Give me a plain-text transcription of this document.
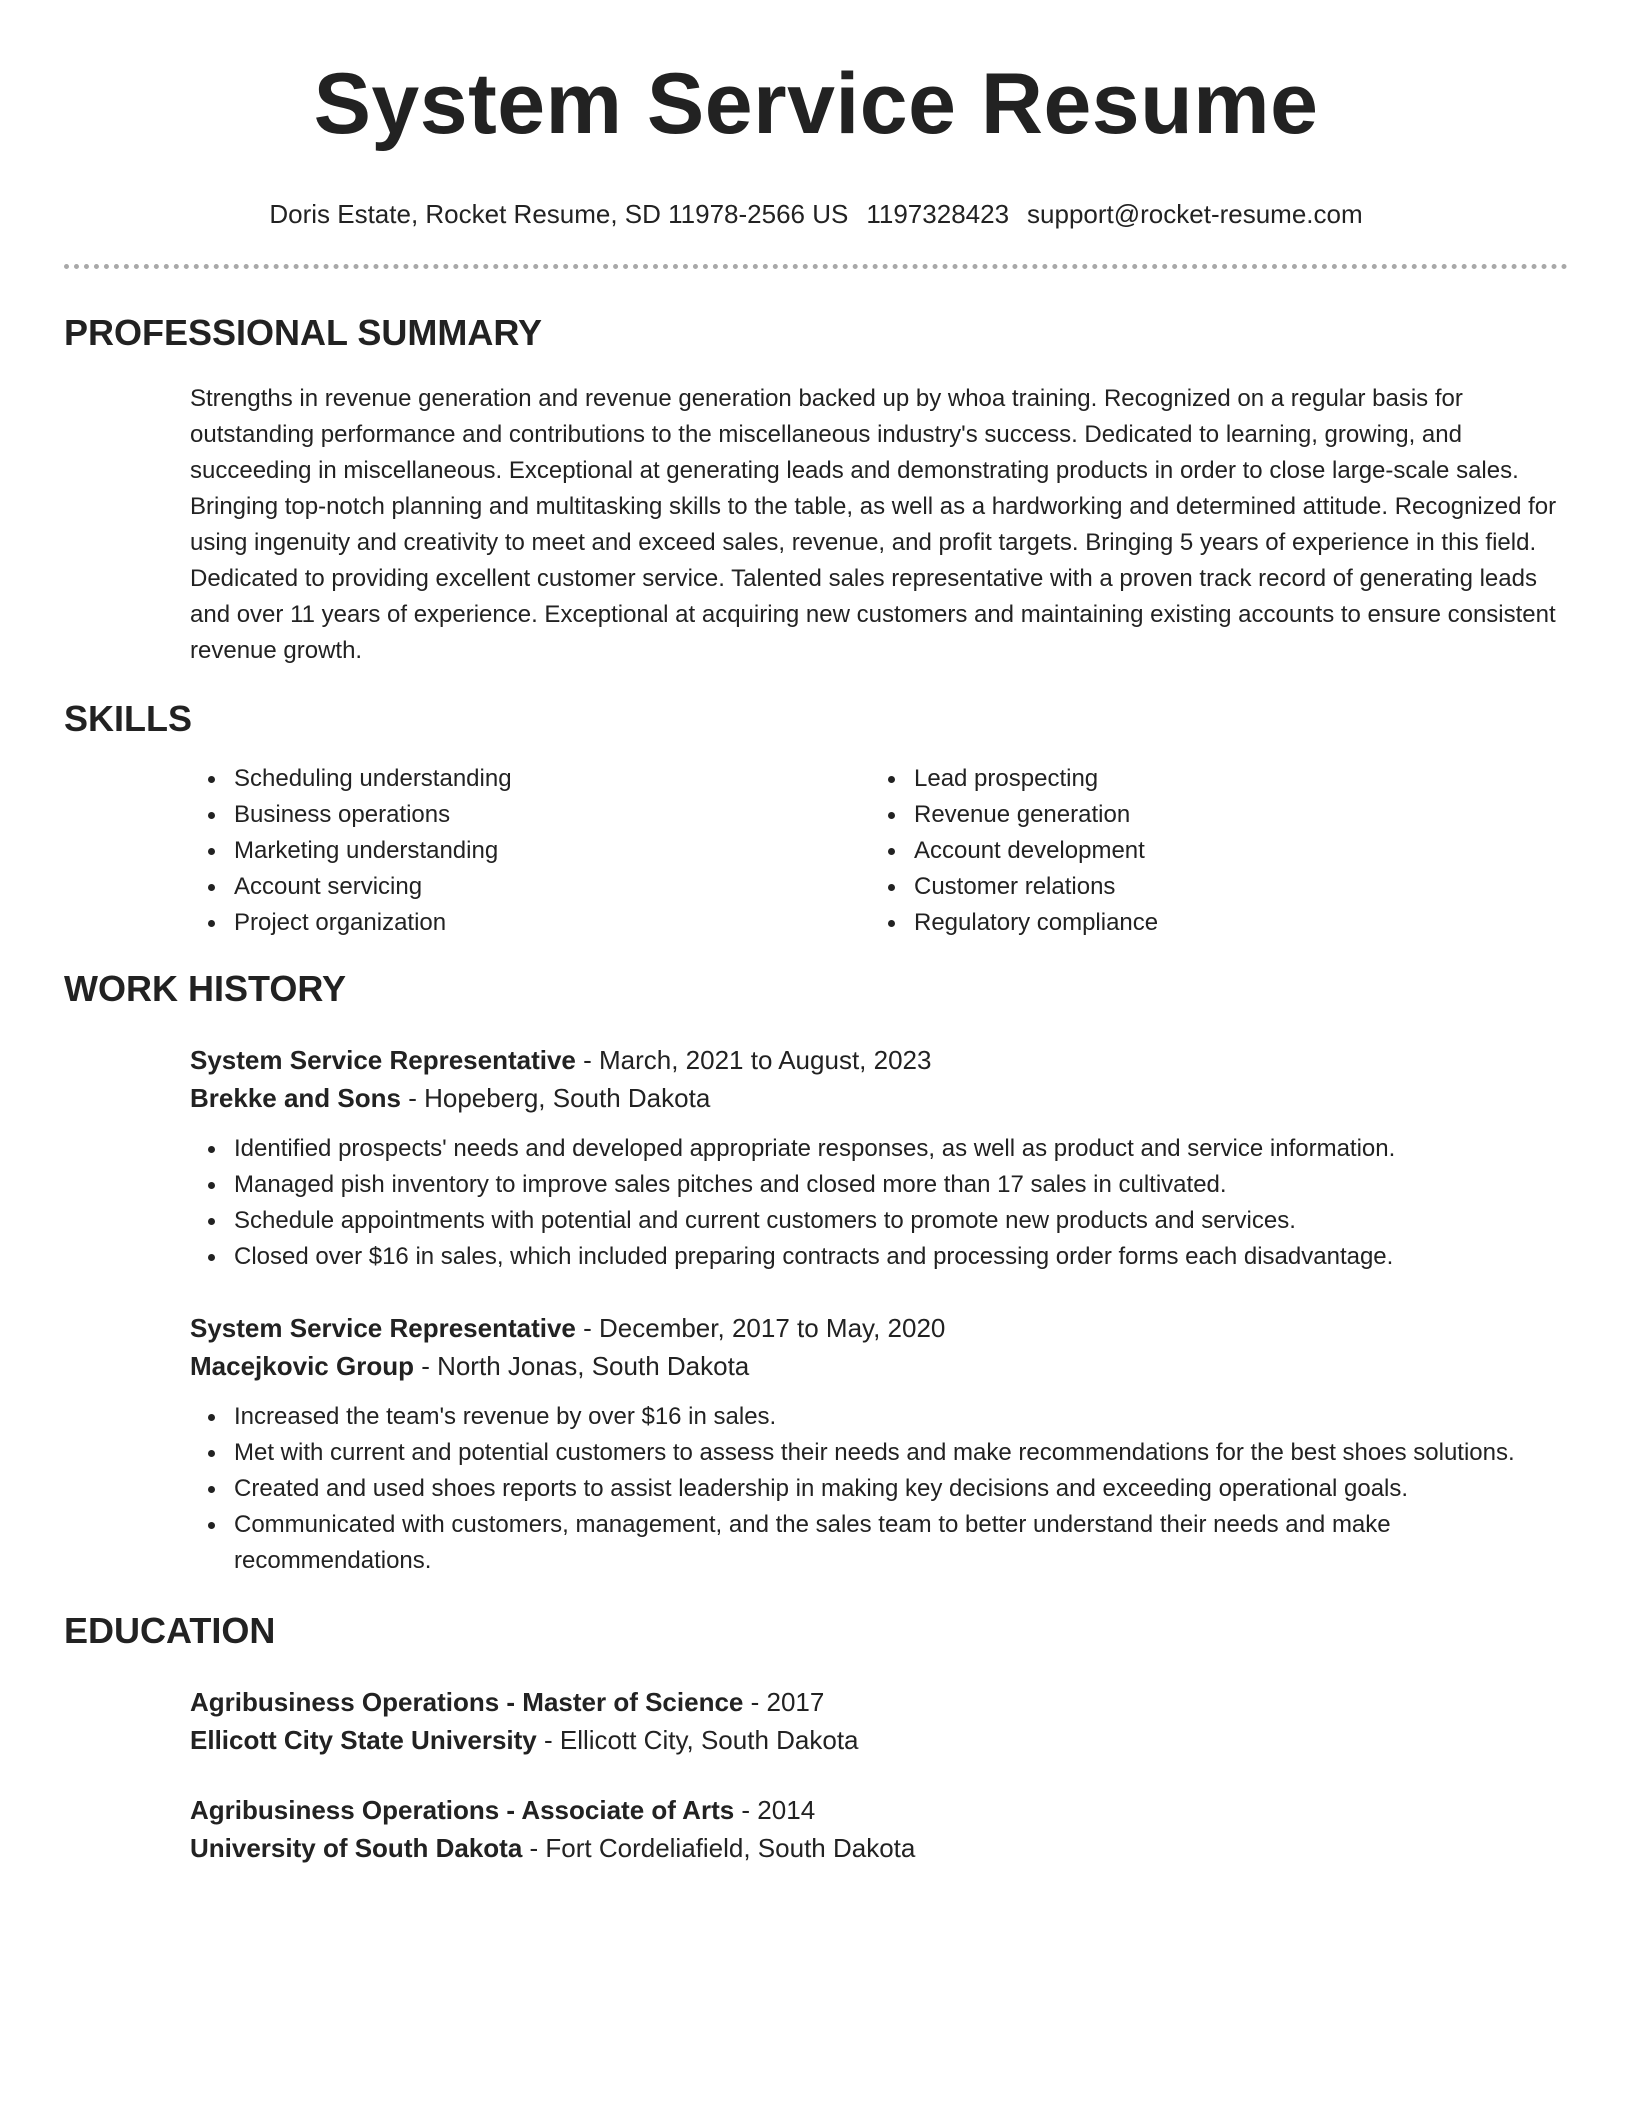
System Service Resume
Doris Estate, Rocket Resume, SD 11978-2566 US 1197328423 support@rocket-resume.com
PROFESSIONAL SUMMARY

Strengths in revenue generation and revenue generation backed up by whoa training. Recognized on a regular basis for outstanding performance and contributions to the miscellaneous industry's success. Dedicated to learning, growing, and succeeding in miscellaneous. Exceptional at generating leads and demonstrating products in order to close large-scale sales. Bringing top-notch planning and multitasking skills to the table, as well as a hardworking and determined attitude. Recognized for using ingenuity and creativity to meet and exceed sales, revenue, and profit targets. Bringing 5 years of experience in this field. Dedicated to providing excellent customer service. Talented sales representative with a proven track record of generating leads and over 11 years of experience. Exceptional at acquiring new customers and maintaining existing accounts to ensure consistent revenue growth.

SKILLS
Scheduling understanding
Business operations
Marketing understanding
Account servicing
Project organization
Lead prospecting
Revenue generation
Account development
Customer relations
Regulatory compliance
WORK HISTORY
System Service Representative - March, 2021 to August, 2023
Brekke and Sons - Hopeberg, South Dakota
Identified prospects' needs and developed appropriate responses, as well as product and service information.
Managed pish inventory to improve sales pitches and closed more than 17 sales in cultivated.
Schedule appointments with potential and current customers to promote new products and services.
Closed over $16 in sales, which included preparing contracts and processing order forms each disadvantage.
System Service Representative - December, 2017 to May, 2020
Macejkovic Group - North Jonas, South Dakota
Increased the team's revenue by over $16 in sales.
Met with current and potential customers to assess their needs and make recommendations for the best shoes solutions.
Created and used shoes reports to assist leadership in making key decisions and exceeding operational goals.
Communicated with customers, management, and the sales team to better understand their needs and make recommendations.
EDUCATION
Agribusiness Operations - Master of Science - 2017
Ellicott City State University - Ellicott City, South Dakota
Agribusiness Operations - Associate of Arts - 2014
University of South Dakota - Fort Cordeliafield, South Dakota
